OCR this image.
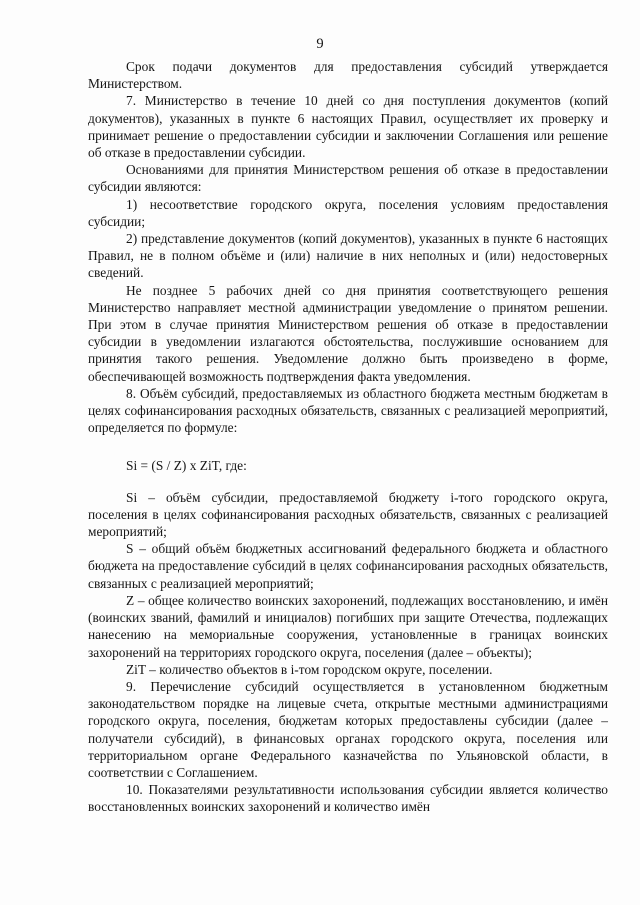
9

Срок подачи документов для предоставления субсидий утверждается Министерством.

7. Министерство в течение 10 дней со дня поступления документов (копий документов), указанных в пункте 6 настоящих Правил, осуществляет их проверку и принимает решение о предоставлении субсидии и заключении Соглашения или решение об отказе в предоставлении субсидии.

Основаниями для принятия Министерством решения об отказе в предоставлении субсидии являются:

1) несоответствие городского округа, поселения условиям предоставления субсидии;

2) представление документов (копий документов), указанных в пункте 6 настоящих Правил, не в полном объёме и (или) наличие в них неполных и (или) недостоверных сведений.

Не позднее 5 рабочих дней со дня принятия соответствующего решения Министерство направляет местной администрации уведомление о принятом решении. При этом в случае принятия Министерством решения об отказе в предоставлении субсидии в уведомлении излагаются обстоятельства, послужившие основанием для принятия такого решения. Уведомление должно быть произведено в форме, обеспечивающей возможность подтверждения факта уведомления.

8. Объём субсидий, предоставляемых из областного бюджета местным бюджетам в целях софинансирования расходных обязательств, связанных с реализацией мероприятий, определяется по формуле:

Si = (S / Z) x ZiT, где:

Si – объём субсидии, предоставляемой бюджету i-того городского округа, поселения в целях софинансирования расходных обязательств, связанных с реализацией мероприятий;

S – общий объём бюджетных ассигнований федерального бюджета и областного бюджета на предоставление субсидий в целях софинансирования расходных обязательств, связанных с реализацией мероприятий;

Z – общее количество воинских захоронений, подлежащих восстановлению, и имён (воинских званий, фамилий и инициалов) погибших при защите Отечества, подлежащих нанесению на мемориальные сооружения, установленные в границах воинских захоронений на территориях городского округа, поселения (далее – объекты);

ZiT – количество объектов в i-том городском округе, поселении.

9. Перечисление субсидий осуществляется в установленном бюджетным законодательством порядке на лицевые счета, открытые местными администрациями городского округа, поселения, бюджетам которых предоставлены субсидии (далее – получатели субсидий), в финансовых органах городского округа, поселения или территориальном органе Федерального казначейства по Ульяновской области, в соответствии с Соглашением.

10. Показателями результативности использования субсидии является количество восстановленных воинских захоронений и количество имён
